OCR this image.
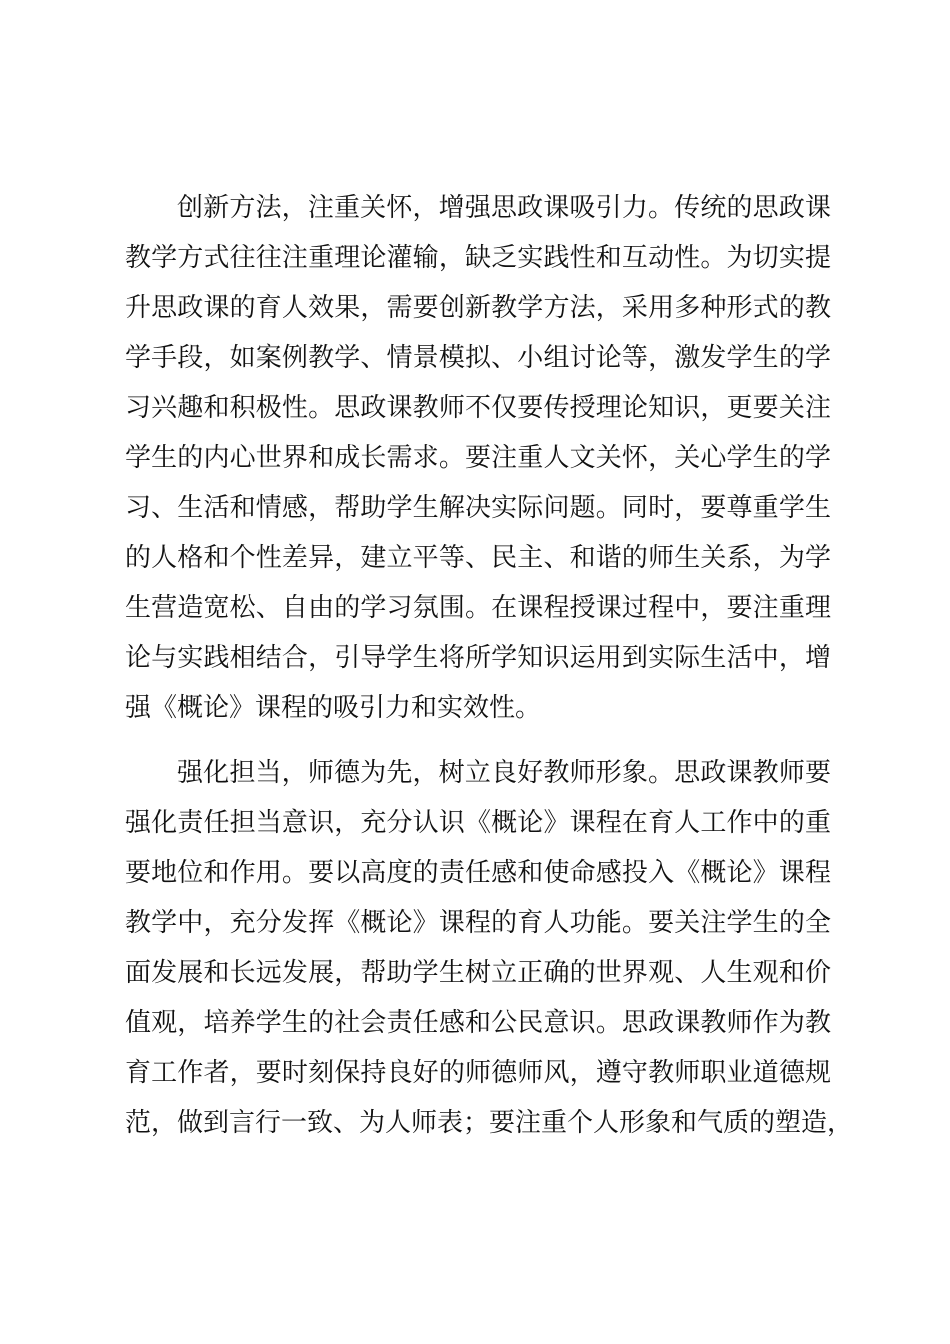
创新方法，注重关怀，增强思政课吸引力。传统的思政课
教学方式往往注重理论灌输，缺乏实践性和互动性。为切实提
升思政课的育人效果，需要创新教学方法，采用多种形式的教
学手段，如案例教学、情景模拟、小组讨论等，激发学生的学
习兴趣和积极性。思政课教师不仅要传授理论知识，更要关注
学生的内心世界和成长需求。要注重人文关怀，关心学生的学
习、生活和情感，帮助学生解决实际问题。同时，要尊重学生
的人格和个性差异，建立平等、民主、和谐的师生关系，为学
生营造宽松、自由的学习氛围。在课程授课过程中，要注重理
论与实践相结合，引导学生将所学知识运用到实际生活中，增
强《概论》课程的吸引力和实效性。
强化担当，师德为先，树立良好教师形象。思政课教师要
强化责任担当意识，充分认识《概论》课程在育人工作中的重
要地位和作用。要以高度的责任感和使命感投入《概论》课程
教学中，充分发挥《概论》课程的育人功能。要关注学生的全
面发展和长远发展，帮助学生树立正确的世界观、人生观和价
值观，培养学生的社会责任感和公民意识。思政课教师作为教
育工作者，要时刻保持良好的师德师风，遵守教师职业道德规
范，做到言行一致、为人师表；要注重个人形象和气质的塑造，
